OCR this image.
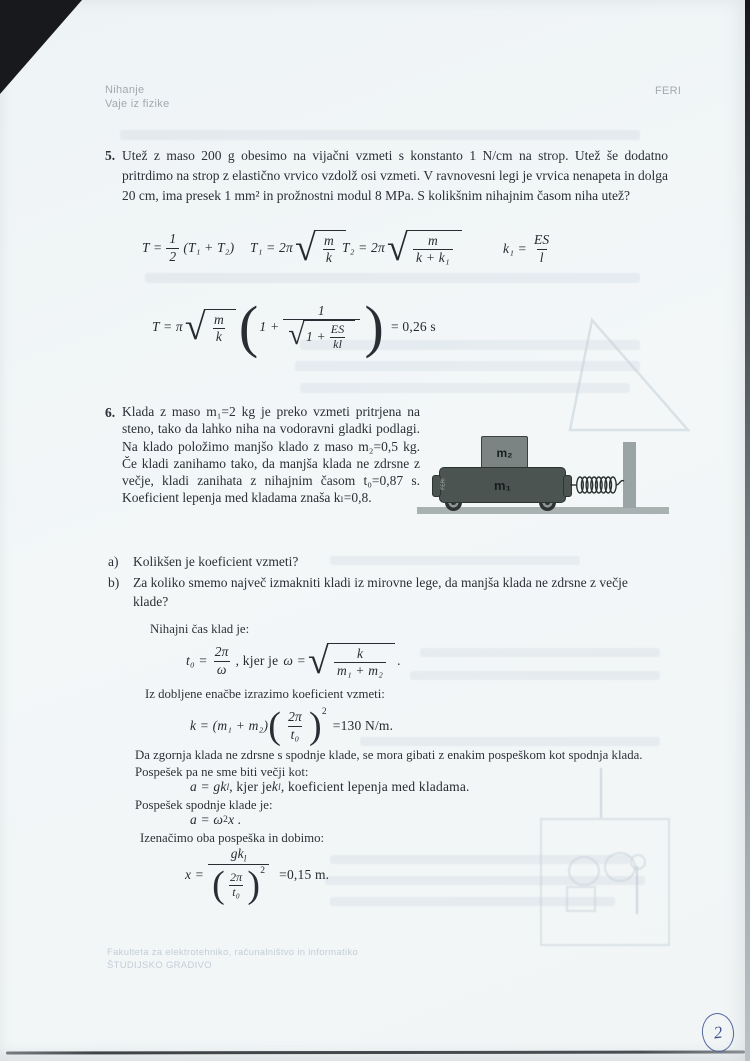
Nihanje
Vaje iz fizike
FERI
5. Utež z maso 200 g obesimo na vijačni vzmeti s konstanto 1 N/cm na strop. Utež še dodatno pritrdimo na strop z elastično vrvico vzdolž osi vzmeti. V ravnovesni legi je vrvica nenapeta in dolga 20 cm, ima presek 1 mm² in prožnostni modul 8 MPa. S kolikšnim nihajnim časom niha utež?

$T = \frac{1}{2} (T_1 + T_2) T_1 = 2\pi$ √ $\frac{m}{k} T_2 = 2\pi$ √ $\frac{m}{\text{k + k₁}}$	$k_1 = \frac{ES}{l}$
T = π √ $\frac{m}{k}$ ( 1 +
1
√ $1 + \frac{ES}{kl}$ ) = 0,26 s
6. Klada z maso m₁=2 kg je preko vzmeti pritrjena na steno, tako da lahko niha na vodoravni gladki podlagi. Na klado položimo manjšo klado z maso m₂=0,5 kg. Če kladi zanihamo tako, da manjša klada ne zdrsne z večje, kladi zanihata z nihajnim časom t₀=0,87 s. Koeficient lepenja med kladama znaša kₗ=0,8.

m₂
m₁
FERI
a)	Kolikšen je koeficient vzmeti?
b)	Za koliko smemo največ izmakniti kladi iz mirovne lege, da manjša klada ne zdrsne z večje klade?
Nihajni čas klad je:
$t_0 = \frac{2\pi}{\omega}$ , kjer je ω = √ $\frac{k}{\text{m₁ + m₂}}$ .
Iz dobljene enačbe izrazimo koeficient vzmeti:
k = (m₁ + m₂) ( $\frac{2\pi}{\text{t₀}} )^2$
=130 N/m.
Da zgornja klada ne zdrsne s spodnje klade, se mora gibati z enakim pospeškom kot spodnja klada.
Pospešek pa ne sme biti večji kot:
a = gk l , kjer je k l , koeficient lepenja med kladama.
Pospešek spodnje klade je:
a = ω 2 x .
Izenačimo oba pospeška in dobimo:
x =
$gk_l$
( $\frac{2\pi}{\text{t₀}} )^2 =0,15$ m.
Fakulteta za elektrotehniko, računalništvo in informatiko
ŠTUDIJSKO GRADIVO
2
